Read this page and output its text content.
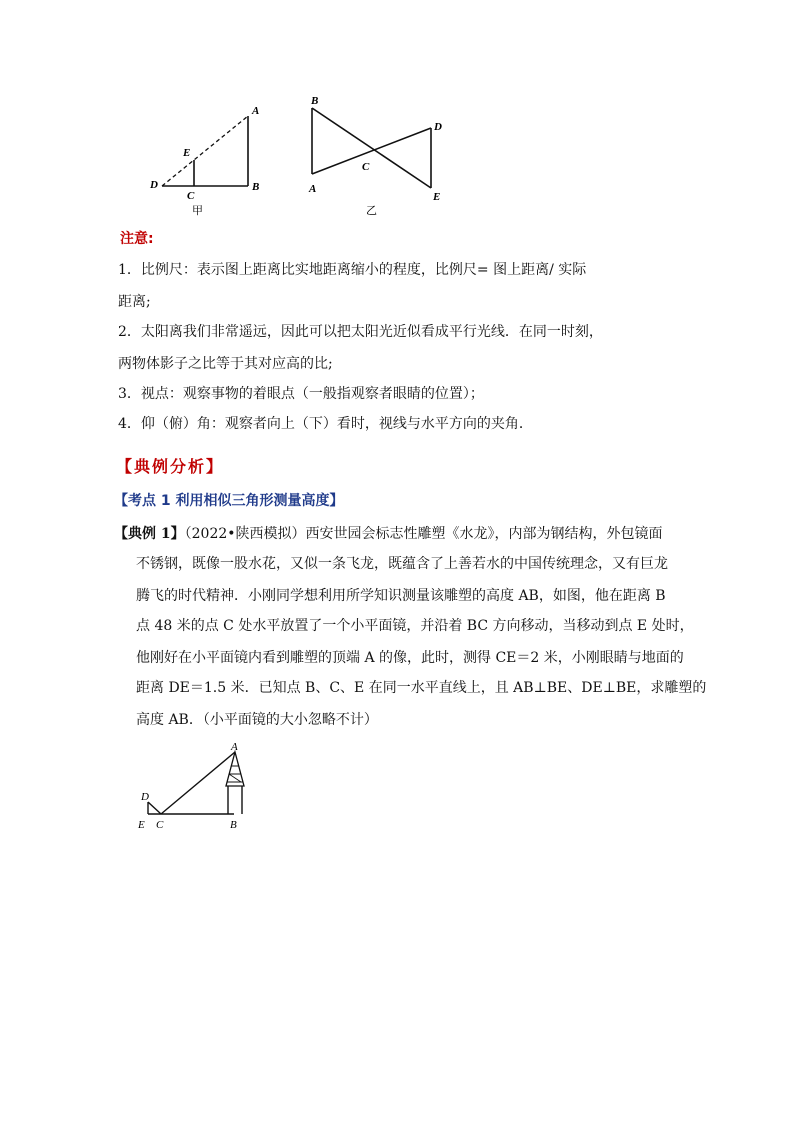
A
E
D
C
B
甲
B
D
C
A
E
乙
注意:
1．比例尺：表示图上距离比实地距离缩小的程度，比例尺= 图上距离/ 实际
距离;
2．太阳离我们非常遥远，因此可以把太阳光近似看成平行光线．在同一时刻，
两物体影子之比等于其对应高的比;
3．视点：观察事物的着眼点（一般指观察者眼睛的位置）；
4．仰（俯）角：观察者向上（下）看时，视线与水平方向的夹角．
【典例分析】
【考点 1 利用相似三角形测量高度】
【典例 1】（2022•陕西模拟）西安世园会标志性雕塑《水龙》，内部为钢结构，外包镜面
不锈钢，既像一股水花，又似一条飞龙，既蕴含了上善若水的中国传统理念，又有巨龙
腾飞的时代精神．小刚同学想利用所学知识测量该雕塑的高度 AB，如图，他在距离 B
点 48 米的点 C 处水平放置了一个小平面镜，并沿着 BC 方向移动，当移动到点 E 处时，
他刚好在小平面镜内看到雕塑的顶端 A 的像，此时，测得 CE＝2 米，小刚眼睛与地面的
距离 DE＝1.5 米．已知点 B、C、E 在同一水平直线上，且 AB⊥BE、DE⊥BE，求雕塑的
高度 AB．（小平面镜的大小忽略不计）
A
D
E C	B
